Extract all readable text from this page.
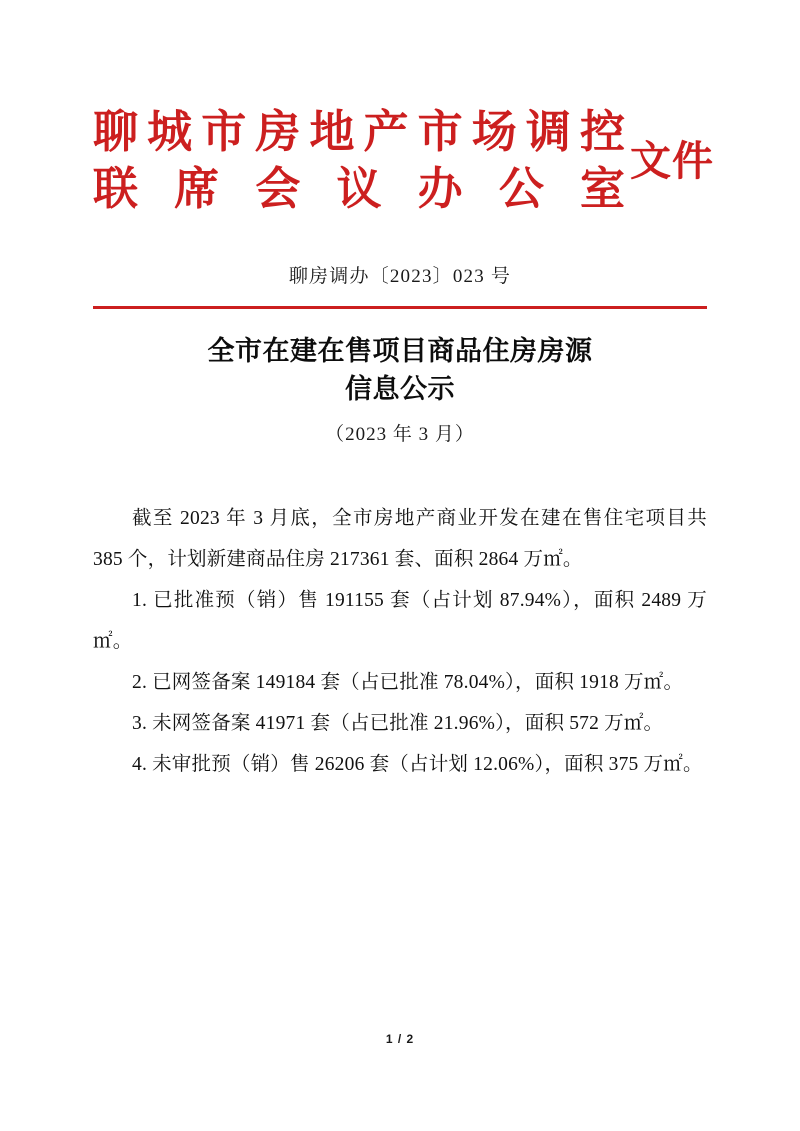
聊城市房地产市场调控
联席会议办公室
文件
聊房调办〔2023〕023 号
全市在建在售项目商品住房房源
信息公示
（2023 年 3 月）

截至 2023 年 3 月底，全市房地产商业开发在建在售住宅项目共 385 个，计划新建商品住房 217361 套、面积 2864 万㎡。

1. 已批准预（销）售 191155 套（占计划 87.94%），面积 2489 万㎡。

2. 已网签备案 149184 套（占已批准 78.04%），面积 1918 万㎡。

3. 未网签备案 41971 套（占已批准 21.96%），面积 572 万㎡。

4. 未审批预（销）售 26206 套（占计划 12.06%），面积 375 万㎡。

1 / 2
